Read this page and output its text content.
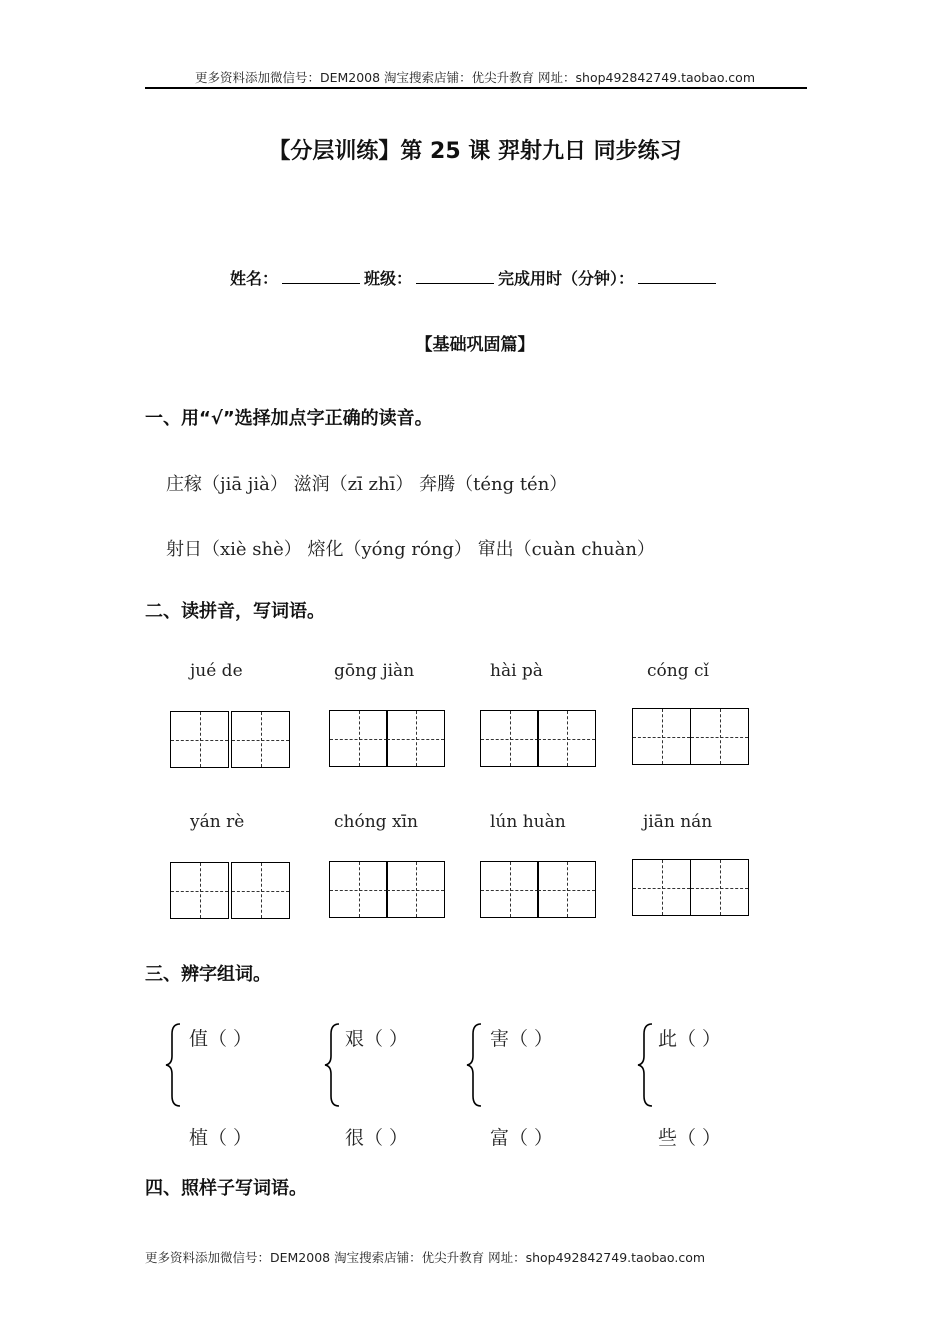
更多资料添加微信号：DEM2008 淘宝搜索店铺：优尖升教育 网址：shop492842749.taobao.com
【分层训练】第 25 课 羿射九日 同步练习
姓名：	班级：	完成用时（分钟）：
【基础巩固篇】
一、用“√”选择加点字正确的读音。
庄稼（jiā jià） 滋润（zī zhī） 奔腾（téng tén）
射日（xiè shè） 熔化（yóng róng） 窜出（cuàn chuàn）
二、读拼音，写词语。
jué de	gōng jiàn	hài pà	cóng cǐ
yán rè	chóng xīn	lún huàn	jiān nán
三、辨字组词。
值（ ）	艰（ ）	害（ ）	此（ ）
植（ ）	很（ ）	富（ ）	些（ ）
四、照样子写词语。
更多资料添加微信号：DEM2008 淘宝搜索店铺：优尖升教育 网址：shop492842749.taobao.com
